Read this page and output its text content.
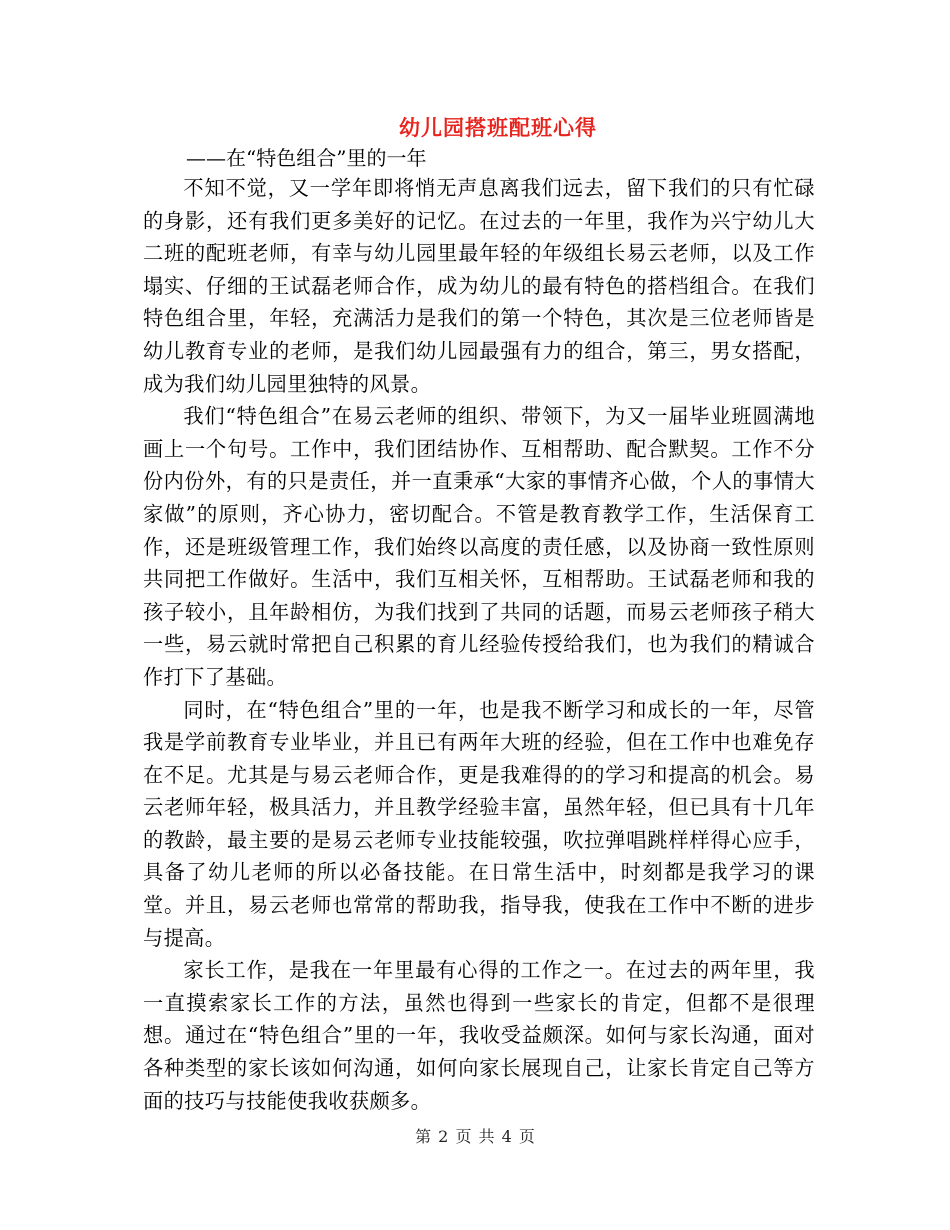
幼儿园搭班配班心得
——在“特色组合”里的一年

不知不觉，又一学年即将悄无声息离我们远去，留下我们的只有忙碌的身影，还有我们更多美好的记忆。在过去的一年里，我作为兴宁幼儿大二班的配班老师，有幸与幼儿园里最年轻的年级组长易云老师，以及工作塌实、仔细的王试磊老师合作，成为幼儿的最有特色的搭档组合。在我们特色组合里，年轻，充满活力是我们的第一个特色，其次是三位老师皆是幼儿教育专业的老师，是我们幼儿园最强有力的组合，第三，男女搭配，成为我们幼儿园里独特的风景。

我们“特色组合”在易云老师的组织、带领下，为又一届毕业班圆满地画上一个句号。工作中，我们团结协作、互相帮助、配合默契。工作不分份内份外，有的只是责任，并一直秉承“大家的事情齐心做，个人的事情大家做”的原则，齐心协力，密切配合。不管是教育教学工作，生活保育工作，还是班级管理工作，我们始终以高度的责任感，以及协商一致性原则共同把工作做好。生活中，我们互相关怀，互相帮助。王试磊老师和我的孩子较小，且年龄相仿，为我们找到了共同的话题，而易云老师孩子稍大一些，易云就时常把自己积累的育儿经验传授给我们，也为我们的精诚合作打下了基础。

同时，在“特色组合”里的一年，也是我不断学习和成长的一年，尽管我是学前教育专业毕业，并且已有两年大班的经验，但在工作中也难免存在不足。尤其是与易云老师合作，更是我难得的的学习和提高的机会。易云老师年轻，极具活力，并且教学经验丰富，虽然年轻，但已具有十几年的教龄，最主要的是易云老师专业技能较强，吹拉弹唱跳样样得心应手，具备了幼儿老师的所以必备技能。在日常生活中，时刻都是我学习的课堂。并且，易云老师也常常的帮助我，指导我，使我在工作中不断的进步与提高。

家长工作，是我在一年里最有心得的工作之一。在过去的两年里，我一直摸索家长工作的方法，虽然也得到一些家长的肯定，但都不是很理想。通过在“特色组合”里的一年，我收受益颇深。如何与家长沟通，面对各种类型的家长该如何沟通，如何向家长展现自己，让家长肯定自己等方面的技巧与技能使我收获颇多。

第 2 页 共 4 页
